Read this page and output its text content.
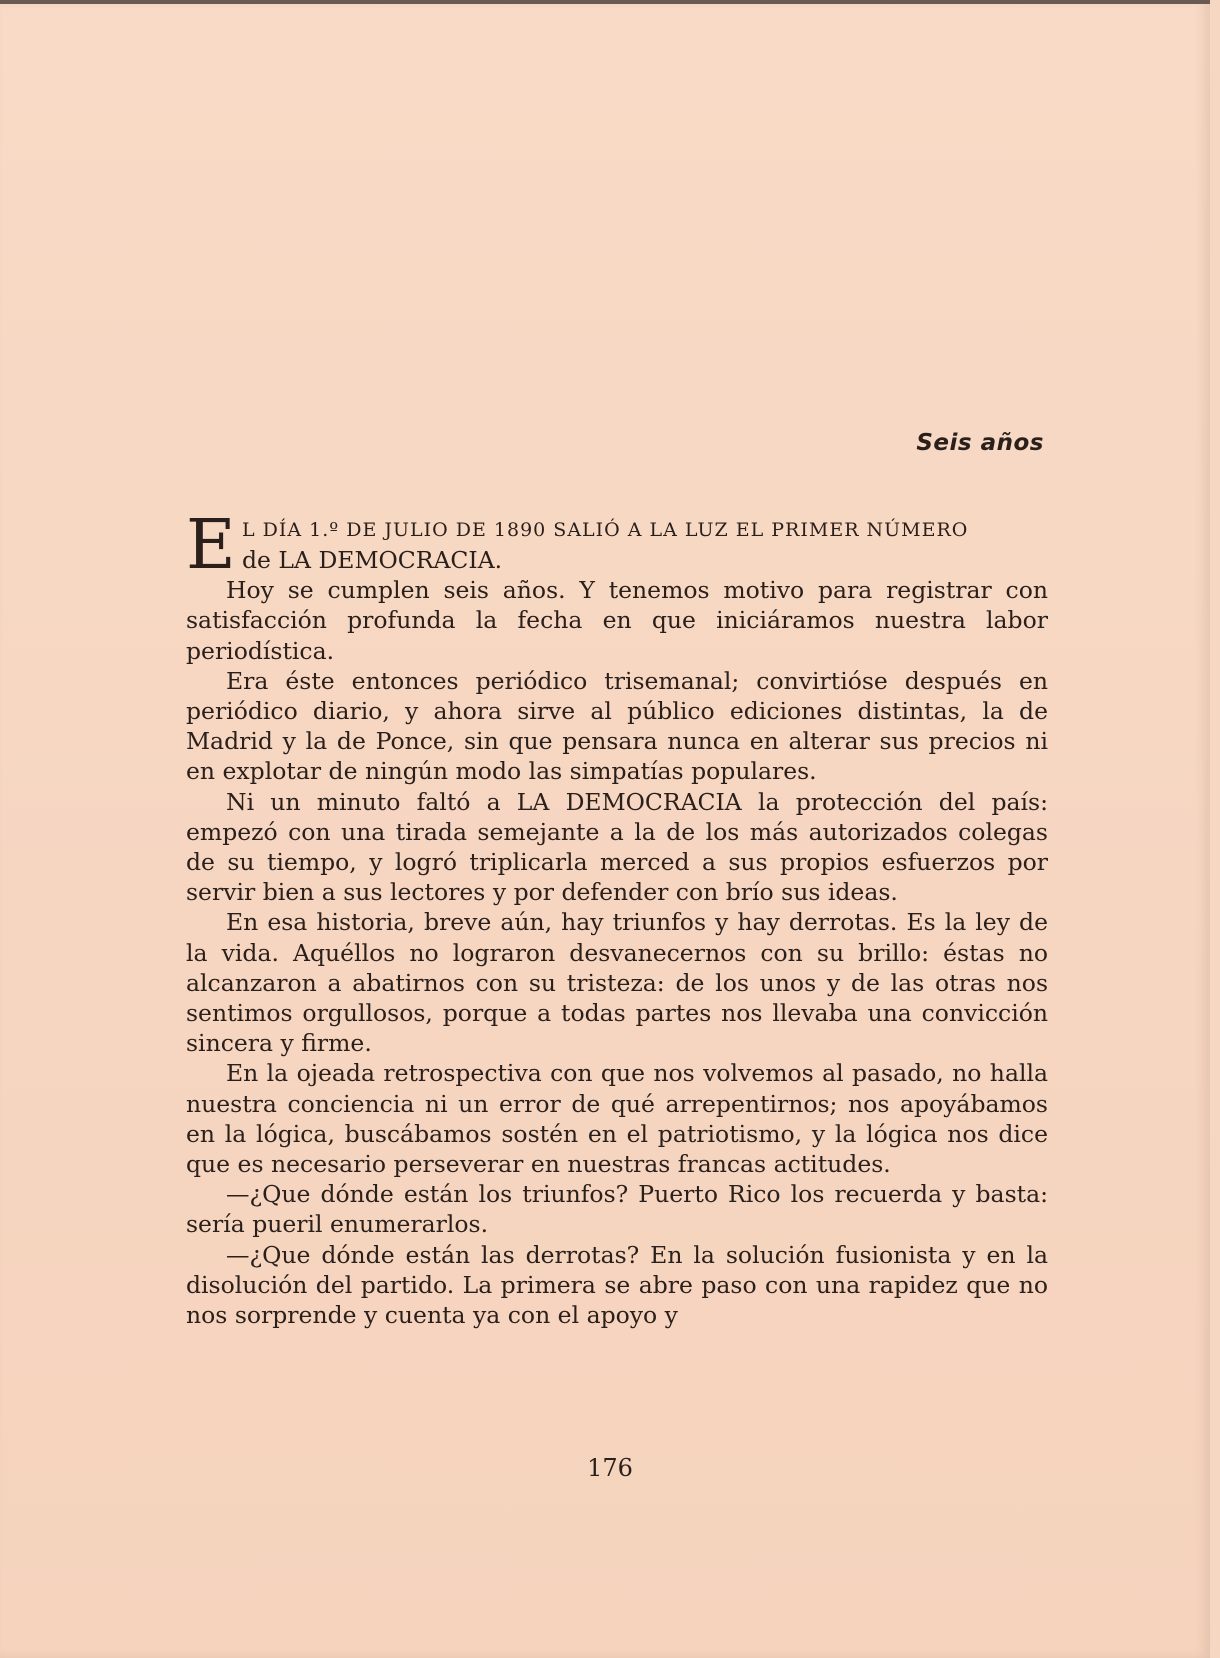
Seis años
E L DÍA 1.º DE JULIO DE 1890 SALIÓ A LA LUZ EL PRIMER NÚMERO
de LA DEMOCRACIA.

Hoy se cumplen seis años. Y tenemos motivo para registrar con satisfacción profunda la fecha en que iniciáramos nuestra labor periodística.

Era éste entonces periódico trisemanal; convirtióse después en periódico diario, y ahora sirve al público ediciones distintas, la de Madrid y la de Ponce, sin que pensara nunca en alterar sus precios ni en explotar de ningún modo las simpatías populares.

Ni un minuto faltó a LA DEMOCRACIA la protección del país: empezó con una tirada semejante a la de los más autorizados colegas de su tiempo, y logró triplicarla merced a sus propios esfuerzos por servir bien a sus lectores y por defender con brío sus ideas.

En esa historia, breve aún, hay triunfos y hay derrotas. Es la ley de la vida. Aquéllos no lograron desvanecernos con su brillo: éstas no alcanzaron a abatirnos con su tristeza: de los unos y de las otras nos sentimos orgullosos, porque a todas partes nos llevaba una convicción sincera y firme.

En la ojeada retrospectiva con que nos volvemos al pasado, no halla nuestra conciencia ni un error de qué arrepentirnos; nos apoyábamos en la lógica, buscábamos sostén en el patriotismo, y la lógica nos dice que es necesario perseverar en nuestras francas actitudes.

—¿Que dónde están los triunfos? Puerto Rico los recuerda y basta: sería pueril enumerarlos.

—¿Que dónde están las derrotas? En la solución fusionista y en la disolución del partido. La primera se abre paso con una rapidez que no nos sorprende y cuenta ya con el apoyo y

176
